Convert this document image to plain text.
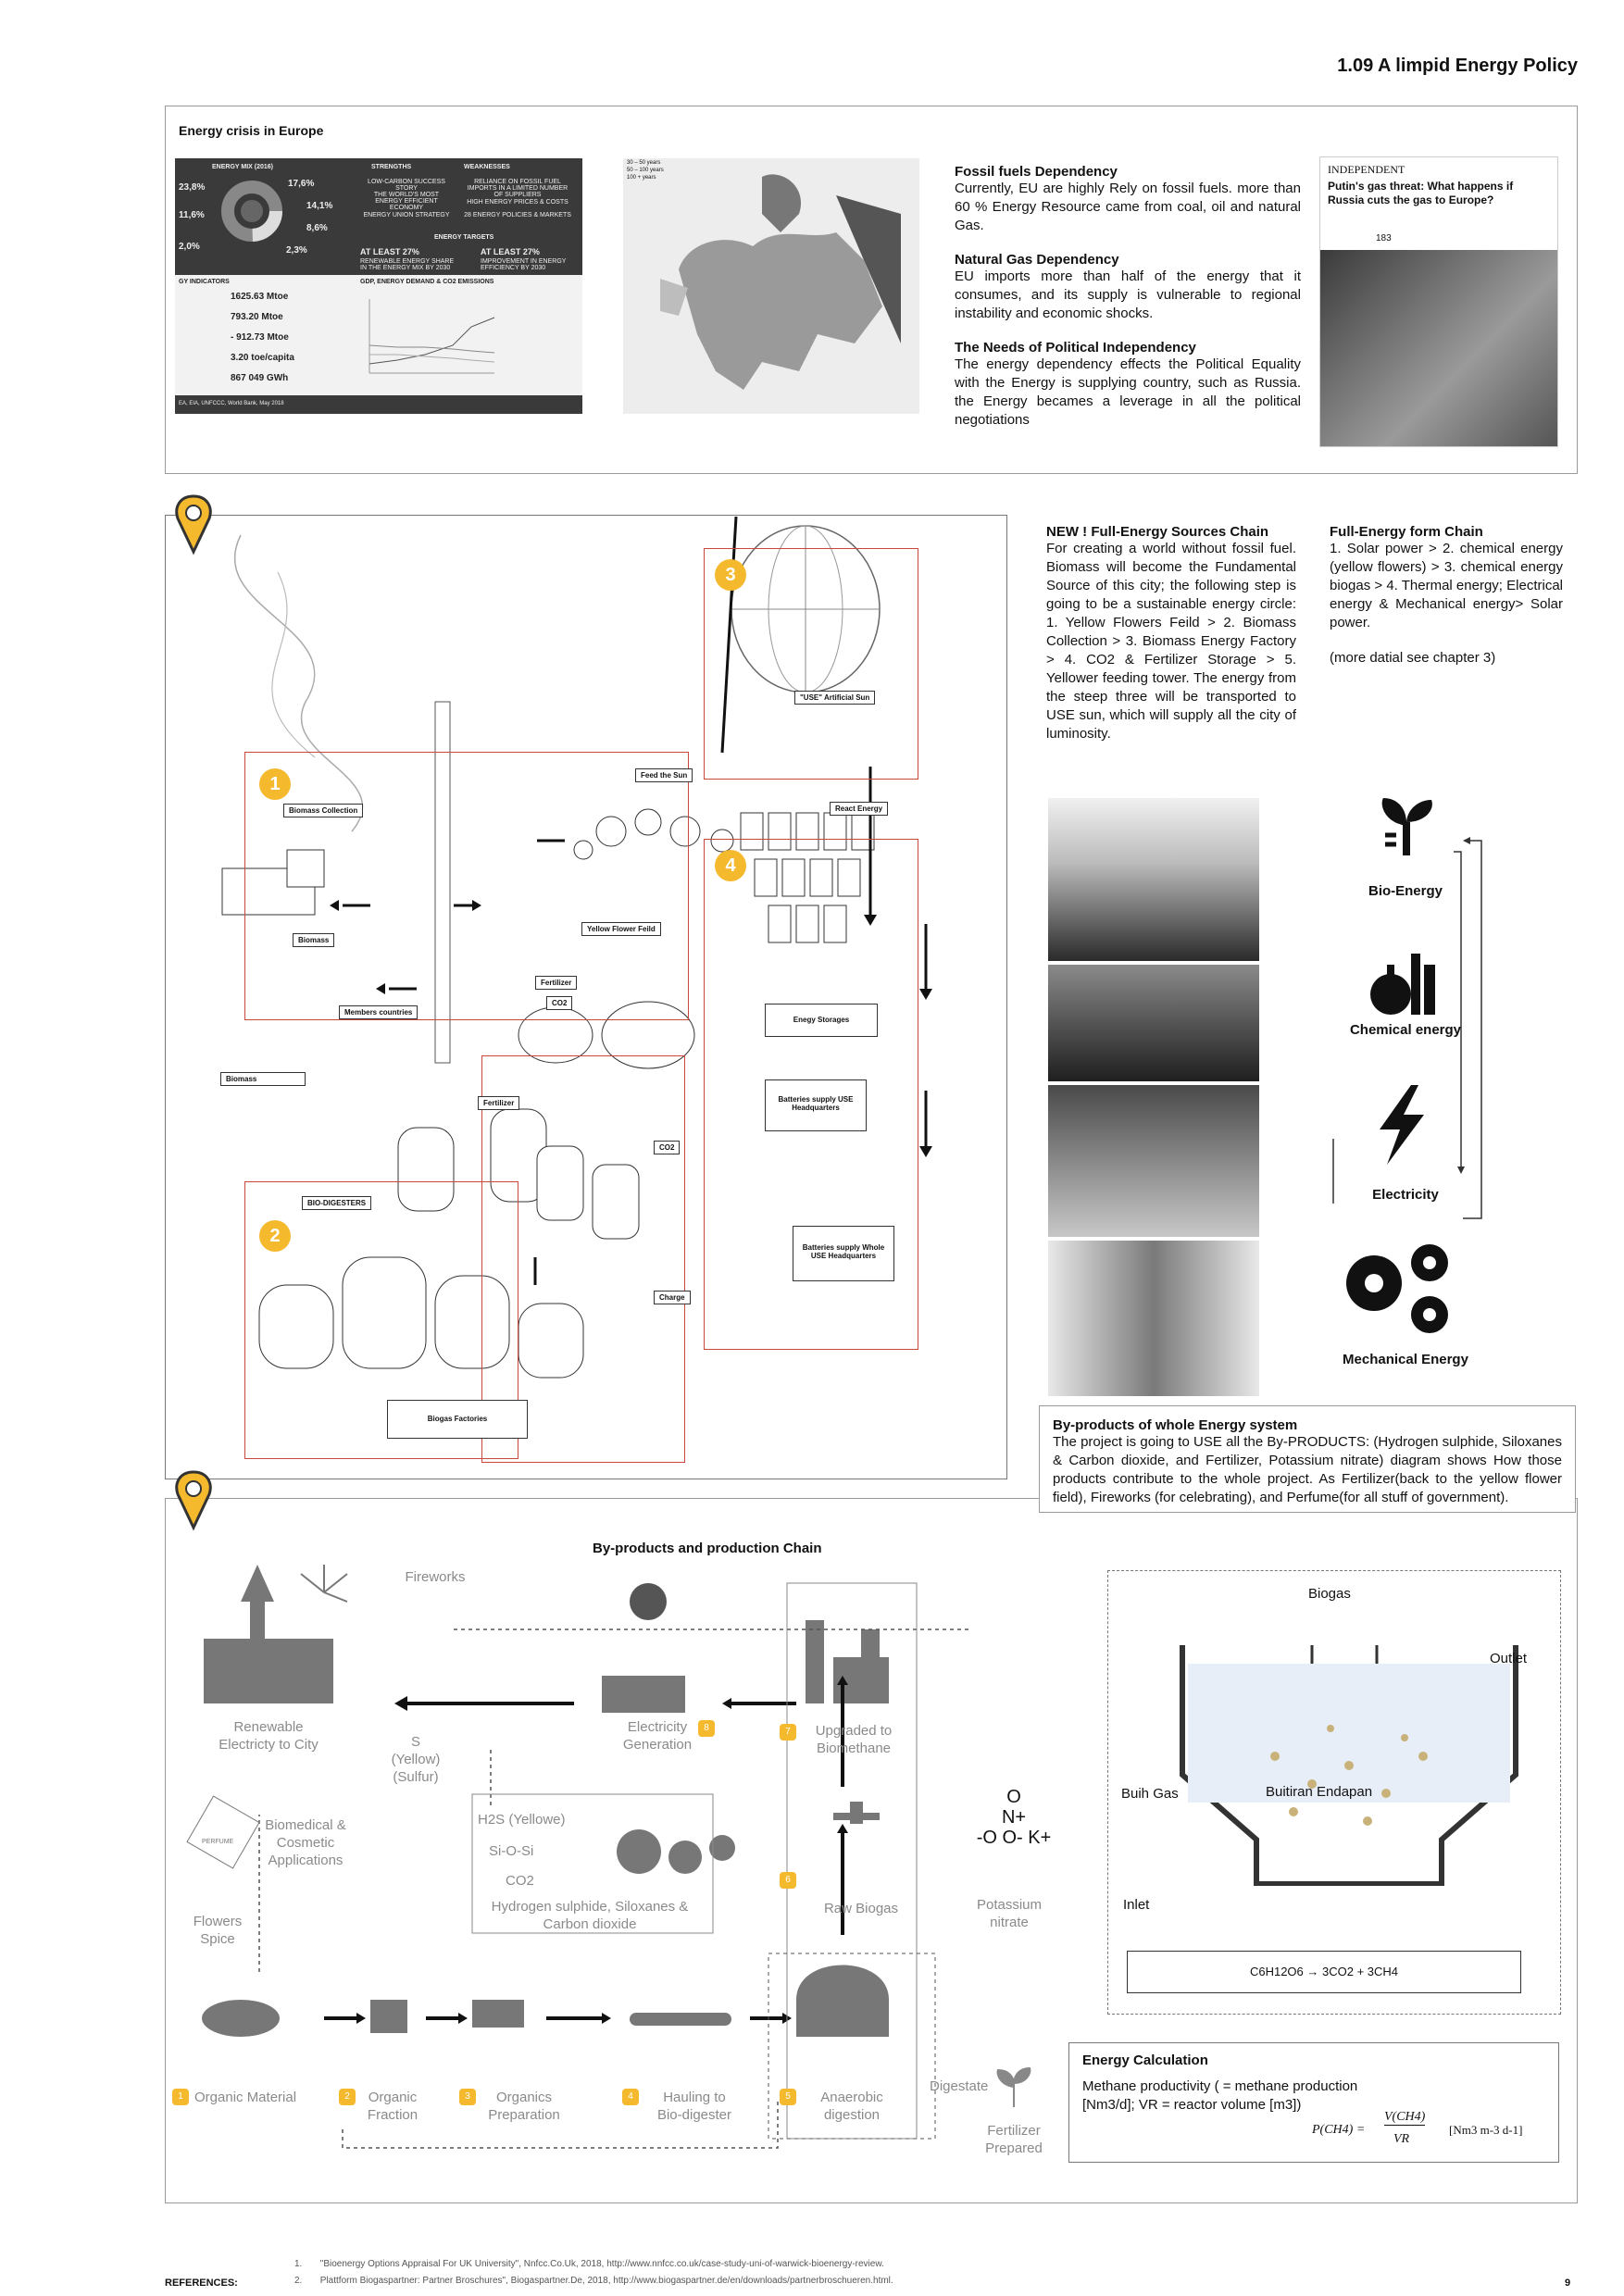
1.09 A limpid Energy Policy
Energy crisis in Europe
ENERGY MIX (2016)
23,8%
11,6%
2,0%
17,6%
14,1%
8,6%
2,3%
STRENGTHS	WEAKNESSES
LOW-CARBON SUCCESS STORY
THE WORLD'S MOST ENERGY EFFICIENT ECONOMY
ENERGY UNION STRATEGY
RELIANCE ON FOSSIL FUEL IMPORTS IN A LIMITED NUMBER OF SUPPLIERS
HIGH ENERGY PRICES & COSTS
28 ENERGY POLICIES & MARKETS
ENERGY TARGETS
AT LEAST 27%
RENEWABLE ENERGY SHARE IN THE ENERGY MIX BY 2030
AT LEAST 27%
IMPROVEMENT IN ENERGY EFFICIENCY BY 2030
GY INDICATORS
1625.63 Mtoe
793.20 Mtoe
- 912.73 Mtoe
3.20 toe/capita
867 049 GWh
GDP, ENERGY DEMAND & CO2 EMISSIONS
EA, EIA, UNFCCC, World Bank, May 2018
30 – 50 years
50 – 100 years
100 + years	Fossil fuels Dependency
Currently, EU are highly Rely on fossil fuels. more than 60 % Energy Resource came from coal, oil and natural Gas.
Natural Gas Dependency
EU imports more than half of the energy that it consumes, and its supply is vulnerable to regional instability and economic shocks.
The Needs of Political Independency
The energy dependency effects the Political Equality with the Energy is supplying country, such as Russia. the Energy becames a leverage in all the political negotiations
INDEPENDENT
Putin's gas threat: What happens if Russia cuts the gas to Europe?
183
1
2
3
4
Biomass Collection
Biomass
Members countries
Yellow Flower Feild
Feed the Sun
"USE" Artificial Sun
React Energy
Enegy Storages
Batteries supply USE Headquarters
Batteries supply Whole USE Headquarters
Fertilizer
CO2
Biomass
Fertilizer
CO2
BIO-DIGESTERS
Charge
Biogas Factories
NEW ! Full-Energy Sources Chain
For creating a world without fossil fuel. Biomass will become the Fundamental Source of this city; the following step is going to be a sustainable energy circle: 1. Yellow Flowers Feild > 2. Biomass Collection > 3. Biomass Energy Factory > 4. CO2 & Fertilizer Storage > 5. Yellower feeding tower. The energy from the steep three will be transported to USE sun, which will supply all the city of luminosity.
Full-Energy form Chain
1. Solar power > 2. chemical energy (yellow flowers) > 3. chemical energy biogas > 4. Thermal energy; Electrical energy & Mechanical energy> Solar power.
(more datial see chapter 3)
Bio-Energy
Chemical energy
Electricity
Mechanical Energy
By-products of whole Energy system
The project is going to USE all the By-PRODUCTS: (Hydrogen sulphide, Siloxanes & Carbon dioxide, and Fertilizer, Potassium nitrate) diagram shows How those products contribute to the whole project. As Fertilizer(back to the yellow flower field), Fireworks (for celebrating), and Perfume(for all stuff of government).
By-products and production Chain
Fireworks
Renewable
Electricty to City
Electricity
Generation
8	Upgraded to
Biomethane
7
S
(Yellow)
(Sulfur)
Biomedical &
Cosmetic
Applications
PERFUME
H2S (Yellowe)
Si-O-Si
CO2
Hydrogen sulphide, Siloxanes &
Carbon dioxide
Raw Biogas
6
O
N+
-O O- K+
Potassium
nitrate
Flowers
Spice
1 Organic Material	2	Organic
Fraction
3	Organics
Preparation
4	Hauling to
Bio-digester
5	Anaerobic
digestion
Digestate
Fertilizer
Prepared
Biogas
Outlet
Buih Gas	Buitiran Endapan
Inlet
C6H12O6 → 3CO2 + 3CH4
Energy Calculation
Methane productivity ( = methane production [Nm3/d]; VR = reactor volume [m3])
P(CH4) =
V(CH4)
VR
[Nm3 m-3 d-1]
REFERENCES:
1.       "Bioenergy Options Appraisal For UK University", Nnfcc.Co.Uk, 2018, http://www.nnfcc.co.uk/case-study-uni-of-warwick-bioenergy-review.
2.       Plattform Biogaspartner: Partner Broschures", Biogaspartner.De, 2018, http://www.biogaspartner.de/en/downloads/partnerbroschueren.html.	9
